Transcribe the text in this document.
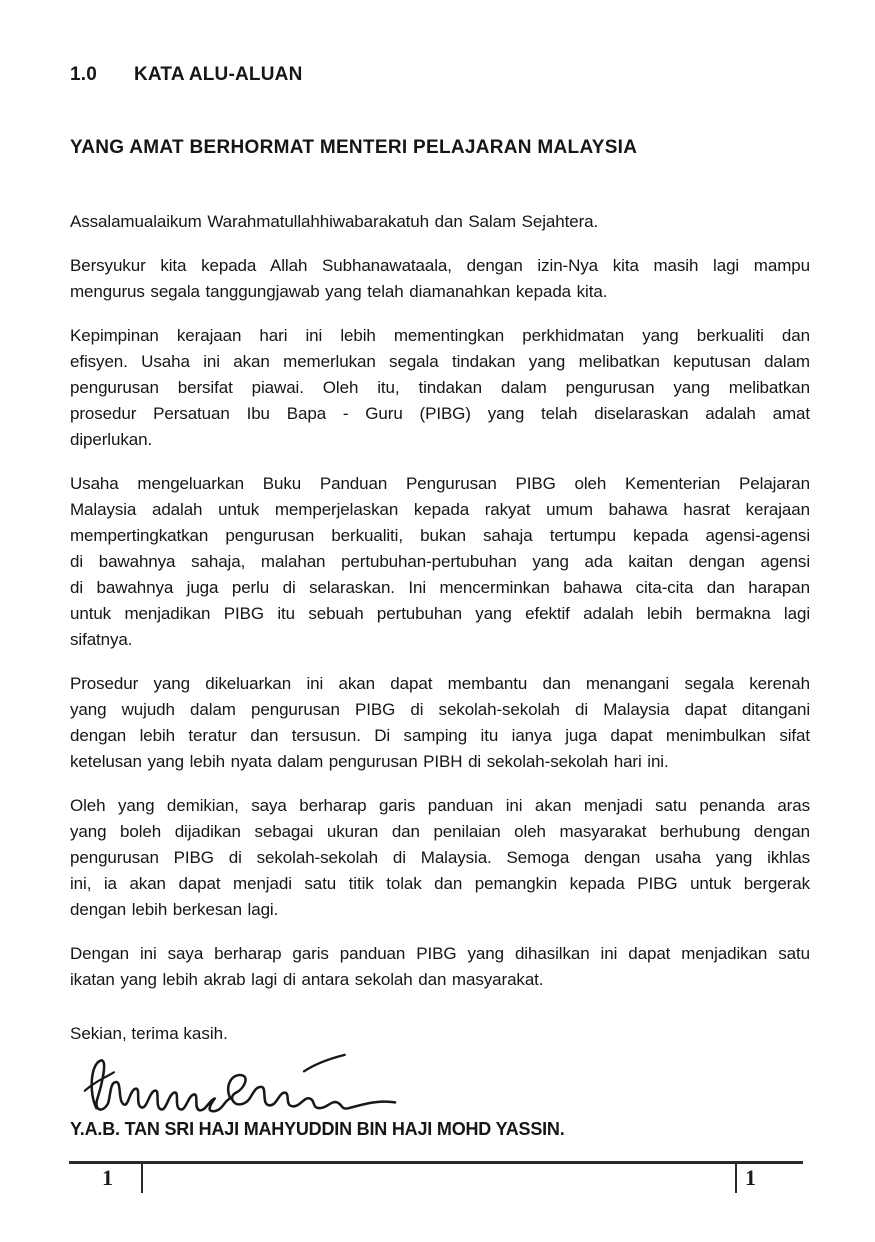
1.0	KATA ALU-ALUAN
YANG AMAT BERHORMAT MENTERI PELAJARAN MALAYSIA
Assalamualaikum Warahmatullahhiwabarakatuh dan Salam Sejahtera.
Bersyukur kita kepada Allah Subhanawataala, dengan izin-Nya kita masih lagi mampu
mengurus segala tanggungjawab yang telah diamanahkan kepada kita.
Kepimpinan kerajaan hari ini lebih mementingkan perkhidmatan yang berkualiti dan
efisyen. Usaha ini akan memerlukan segala tindakan yang melibatkan keputusan dalam
pengurusan bersifat piawai. Oleh itu, tindakan dalam pengurusan yang melibatkan
prosedur Persatuan Ibu Bapa - Guru (PIBG) yang telah diselaraskan adalah amat
diperlukan.
Usaha mengeluarkan Buku Panduan Pengurusan PIBG oleh Kementerian Pelajaran
Malaysia adalah untuk memperjelaskan kepada rakyat umum bahawa hasrat kerajaan
mempertingkatkan pengurusan berkualiti, bukan sahaja tertumpu kepada agensi-agensi
di bawahnya sahaja, malahan pertubuhan-pertubuhan yang ada kaitan dengan agensi
di bawahnya juga perlu di selaraskan. Ini mencerminkan bahawa cita-cita dan harapan
untuk menjadikan PIBG itu sebuah pertubuhan yang efektif adalah lebih bermakna lagi
sifatnya.
Prosedur yang dikeluarkan ini akan dapat membantu dan menangani segala kerenah
yang wujudh dalam pengurusan PIBG di sekolah-sekolah di Malaysia dapat ditangani
dengan lebih teratur dan tersusun. Di samping itu ianya juga dapat menimbulkan sifat
ketelusan yang lebih nyata dalam pengurusan PIBH di sekolah-sekolah hari ini.
Oleh yang demikian, saya berharap garis panduan ini akan menjadi satu penanda aras
yang boleh dijadikan sebagai ukuran dan penilaian oleh masyarakat berhubung dengan
pengurusan PIBG di sekolah-sekolah di Malaysia. Semoga dengan usaha yang ikhlas
ini, ia akan dapat menjadi satu titik tolak dan pemangkin kepada PIBG untuk bergerak
dengan lebih berkesan lagi.
Dengan ini saya berharap garis panduan PIBG yang dihasilkan ini dapat menjadikan satu
ikatan yang lebih akrab lagi di antara sekolah dan masyarakat.
Sekian, terima kasih.
Y.A.B. TAN SRI HAJI MAHYUDDIN BIN HAJI MOHD YASSIN.
1	1
